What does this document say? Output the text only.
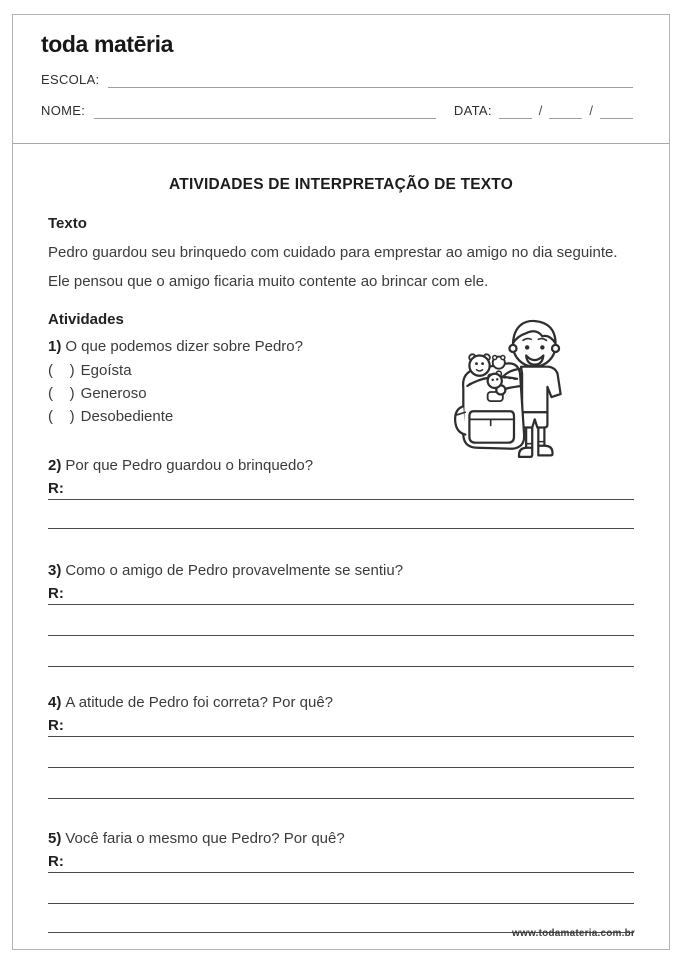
toda matēria
ESCOLA:
NOME:	DATA:	/	/
ATIVIDADES DE INTERPRETAÇÃO DE TEXTO
Texto
Pedro guardou seu brinquedo com cuidado para emprestar ao amigo no dia seguinte. Ele pensou que o amigo ficaria muito contente ao brincar com ele.
Atividades
1) O que podemos dizer sobre Pedro?
(    ) Egoísta
(    ) Generoso
(    ) Desobediente
2) Por que Pedro guardou o brinquedo?
R:
3) Como o amigo de Pedro provavelmente se sentiu?
R:
4) A atitude de Pedro foi correta? Por quê?
R:
5) Você faria o mesmo que Pedro? Por quê?
R:
www.todamateria.com.br
